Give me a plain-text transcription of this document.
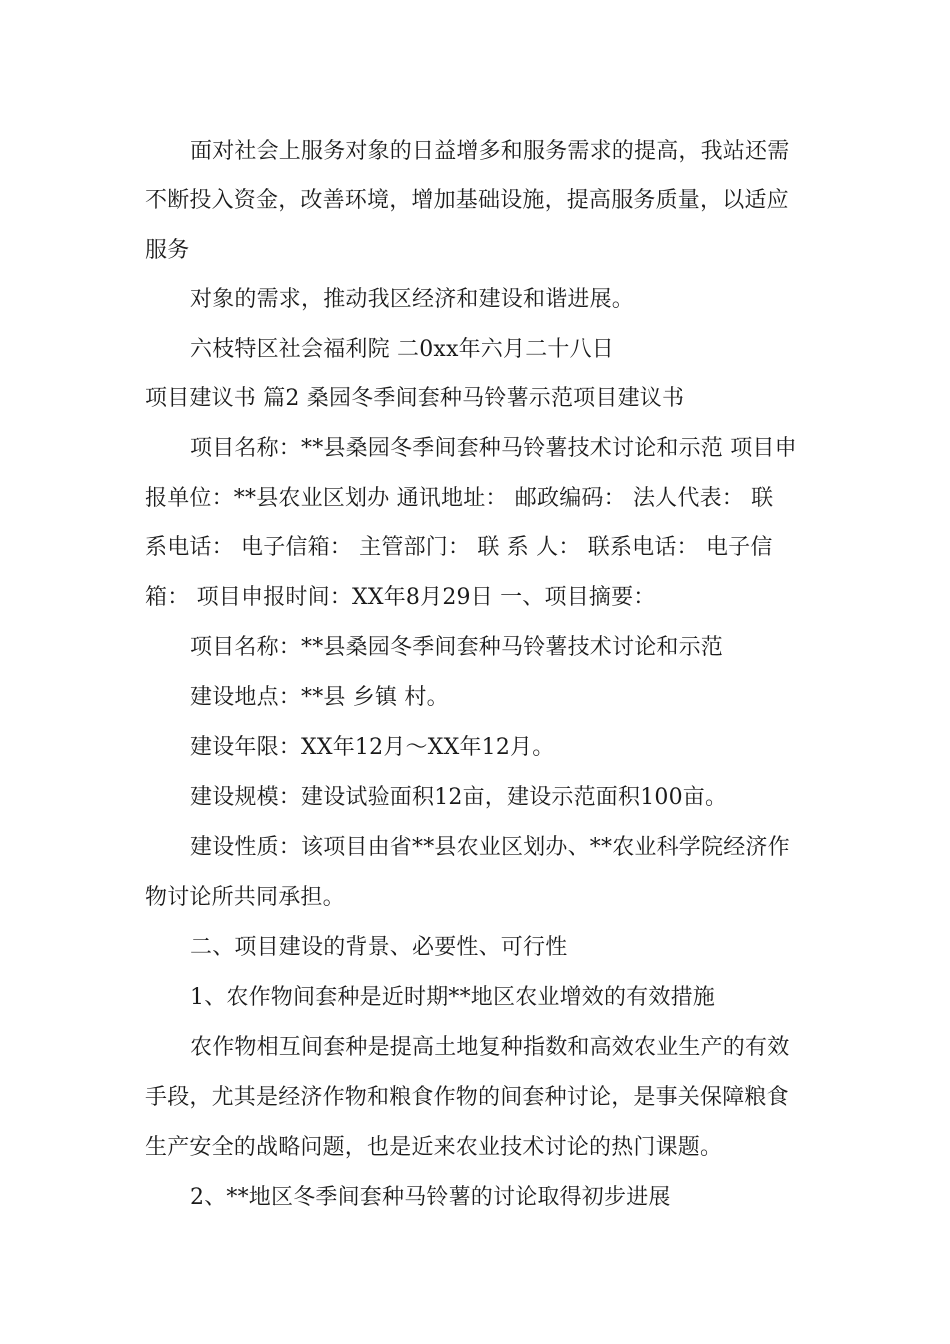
面对社会上服务对象的日益增多和服务需求的提高，我站还需
不断投入资金，改善环境，增加基础设施，提高服务质量，以适应
服务
对象的需求，推动我区经济和建设和谐进展。
六枝特区社会福利院 二0xx年六月二十八日
项目建议书 篇2 桑园冬季间套种马铃薯示范项目建议书
项目名称：**县桑园冬季间套种马铃薯技术讨论和示范 项目申
报单位：**县农业区划办 通讯地址： 邮政编码： 法人代表： 联
系电话： 电子信箱： 主管部门： 联 系 人： 联系电话： 电子信
箱： 项目申报时间：XX年8月29日 一、项目摘要：
项目名称：**县桑园冬季间套种马铃薯技术讨论和示范
建设地点：**县 乡镇 村。
建设年限：XX年12月～XX年12月。
建设规模：建设试验面积12亩，建设示范面积100亩。
建设性质：该项目由省**县农业区划办、**农业科学院经济作
物讨论所共同承担。
二、项目建设的背景、必要性、可行性
1、农作物间套种是近时期**地区农业增效的有效措施
农作物相互间套种是提高土地复种指数和高效农业生产的有效
手段，尤其是经济作物和粮食作物的间套种讨论，是事关保障粮食
生产安全的战略问题，也是近来农业技术讨论的热门课题。
2、**地区冬季间套种马铃薯的讨论取得初步进展
